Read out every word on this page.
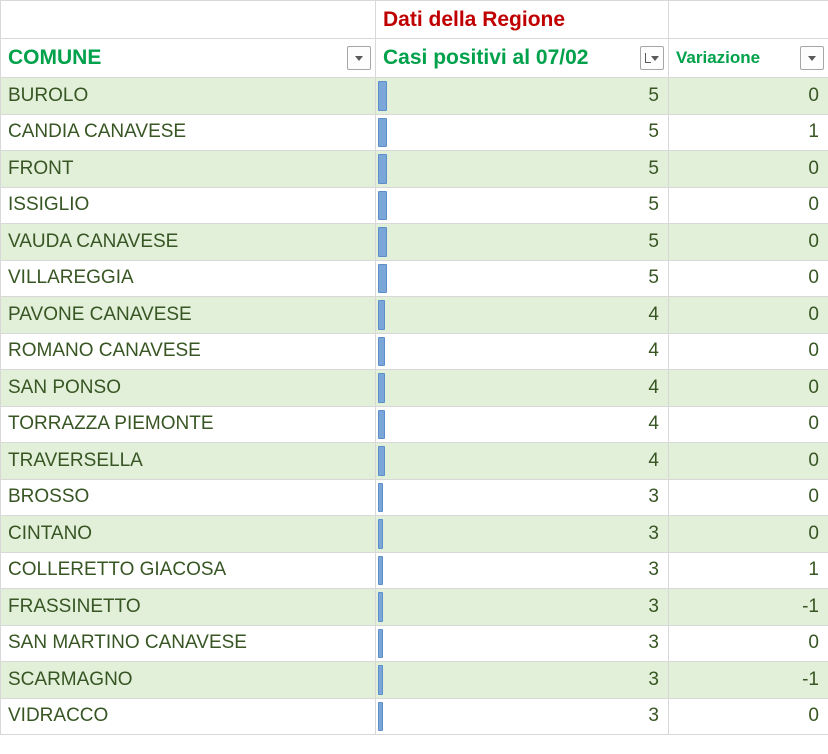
	Dati della Regione	

COMUNE	Casi positivi al 07/02	Variazione

BUROLO	5	0
CANDIA CANAVESE	5	1
FRONT	5	0
ISSIGLIO	5	0
VAUDA CANAVESE	5	0
VILLAREGGIA	5	0
PAVONE CANAVESE	4	0
ROMANO CANAVESE	4	0
SAN PONSO	4	0
TORRAZZA PIEMONTE	4	0
TRAVERSELLA	4	0
BROSSO	3	0
CINTANO	3	0
COLLERETTO GIACOSA	3	1
FRASSINETTO	3	-1
SAN MARTINO CANAVESE	3	0
SCARMAGNO	3	-1
VIDRACCO	3	0
